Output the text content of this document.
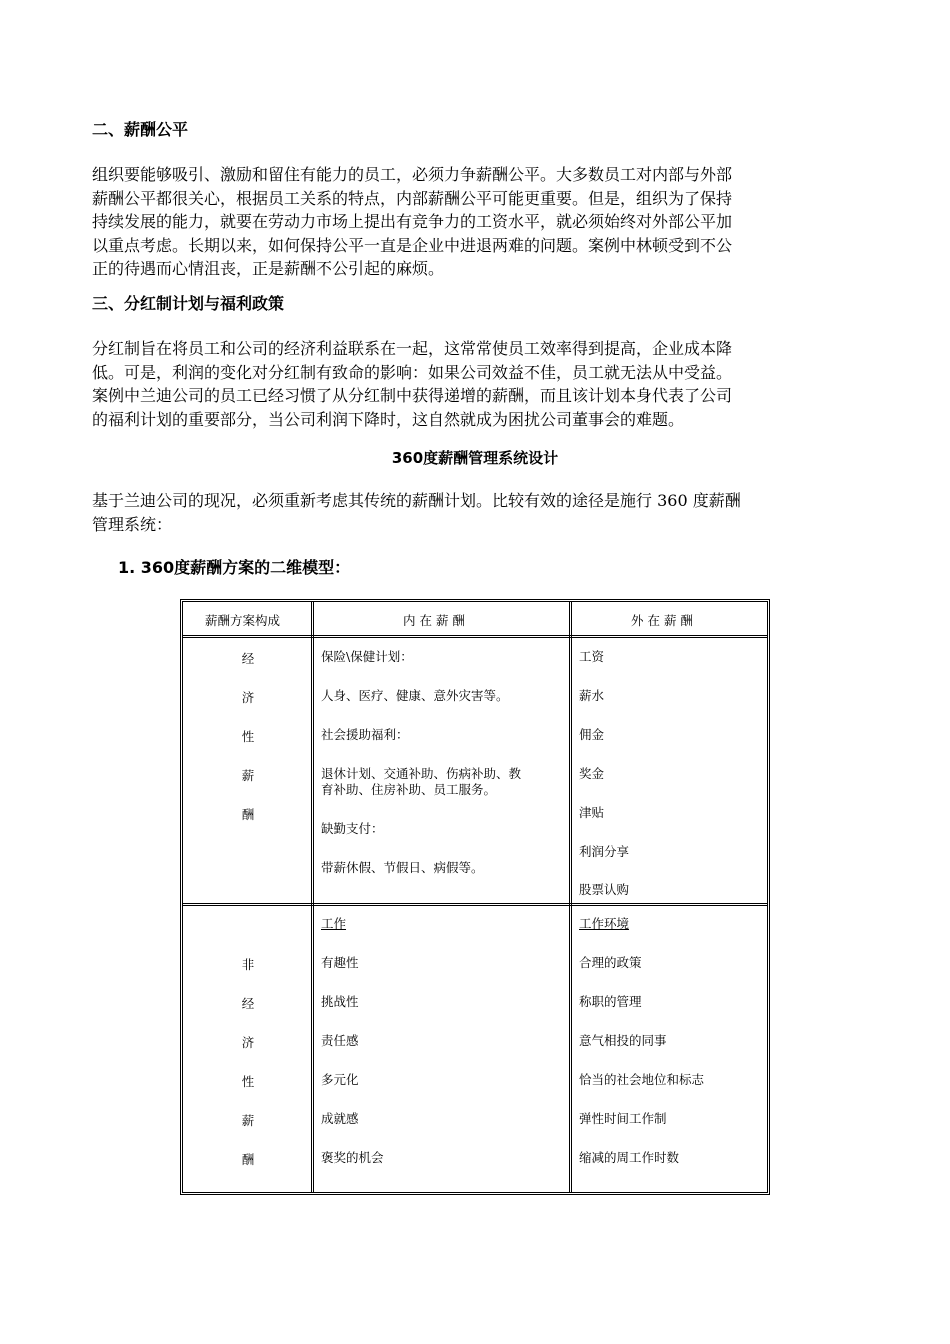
二、薪酬公平
组织要能够吸引、激励和留住有能力的员工，必须力争薪酬公平。大多数员工对内部与外部
薪酬公平都很关心，根据员工关系的特点，内部薪酬公平可能更重要。但是，组织为了保持
持续发展的能力，就要在劳动力市场上提出有竞争力的工资水平，就必须始终对外部公平加
以重点考虑。长期以来，如何保持公平一直是企业中进退两难的问题。案例中林顿受到不公
正的待遇而心情沮丧，正是薪酬不公引起的麻烦。
三、分红制计划与福利政策
分红制旨在将员工和公司的经济利益联系在一起，这常常使员工效率得到提高，企业成本降
低。可是，利润的变化对分红制有致命的影响：如果公司效益不佳，员工就无法从中受益。
案例中兰迪公司的员工已经习惯了从分红制中获得递增的薪酬，而且该计划本身代表了公司
的福利计划的重要部分，当公司利润下降时，这自然就成为困扰公司董事会的难题。
360度薪酬管理系统设计
基于兰迪公司的现况，必须重新考虑其传统的薪酬计划。比较有效的途径是施行 360 度薪酬
管理系统：
1. 360度薪酬方案的二维模型：
薪酬方案构成	内 在 薪 酬	外 在 薪 酬
经
济
性
薪
酬
保险\保健计划：
人身、医疗、健康、意外灾害等。
社会援助福利：
退休计划、交通补助、伤病补助、教
育补助、住房补助、员工服务。
缺勤支付：
带薪休假、节假日、病假等。
工资
薪水
佣金
奖金
津贴
利润分享
股票认购
非
经
济
性
薪
酬
工作
有趣性
挑战性
责任感
多元化
成就感
褒奖的机会
工作环境
合理的政策
称职的管理
意气相投的同事
恰当的社会地位和标志
弹性时间工作制
缩减的周工作时数
